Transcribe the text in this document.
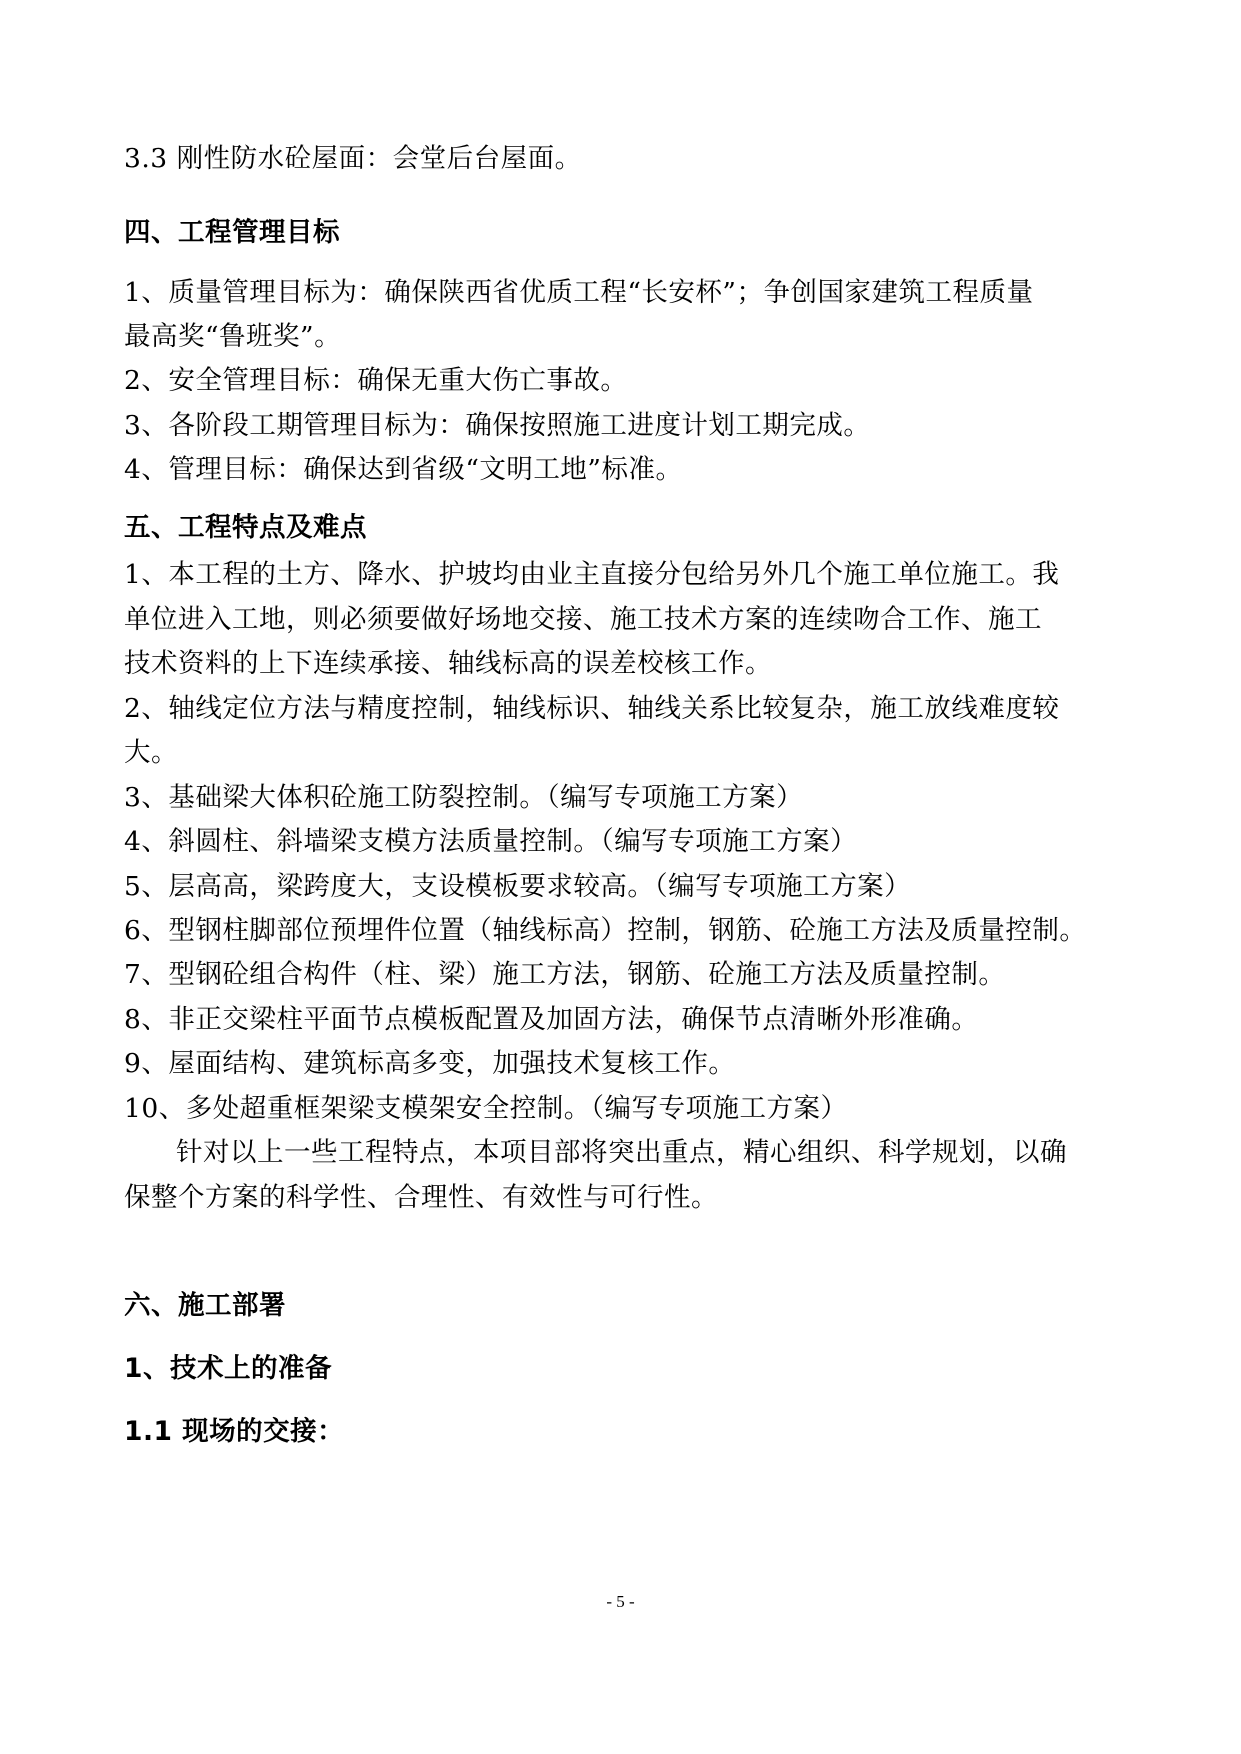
3.3 刚性防水砼屋面：会堂后台屋面。
四、工程管理目标
1、质量管理目标为：确保陕西省优质工程“长安杯”；争创国家建筑工程质量
最高奖“鲁班奖”。
2、安全管理目标：确保无重大伤亡事故。
3、各阶段工期管理目标为：确保按照施工进度计划工期完成。
4、管理目标：确保达到省级“文明工地”标准。
五、工程特点及难点
1、本工程的土方、降水、护坡均由业主直接分包给另外几个施工单位施工。我
单位进入工地，则必须要做好场地交接、施工技术方案的连续吻合工作、施工
技术资料的上下连续承接、轴线标高的误差校核工作。
2、轴线定位方法与精度控制，轴线标识、轴线关系比较复杂，施工放线难度较
大。
3、基础梁大体积砼施工防裂控制。（编写专项施工方案）
4、斜圆柱、斜墙梁支模方法质量控制。（编写专项施工方案）
5、层高高，梁跨度大，支设模板要求较高。（编写专项施工方案）
6、型钢柱脚部位预埋件位置（轴线标高）控制，钢筋、砼施工方法及质量控制。
7、型钢砼组合构件（柱、梁）施工方法，钢筋、砼施工方法及质量控制。
8、非正交梁柱平面节点模板配置及加固方法，确保节点清晰外形准确。
9、屋面结构、建筑标高多变，加强技术复核工作。
10、多处超重框架梁支模架安全控制。（编写专项施工方案）
针对以上一些工程特点，本项目部将突出重点，精心组织、科学规划，以确
保整个方案的科学性、合理性、有效性与可行性。
六、施工部署
1、技术上的准备
1.1 现场的交接：
- 5 -
